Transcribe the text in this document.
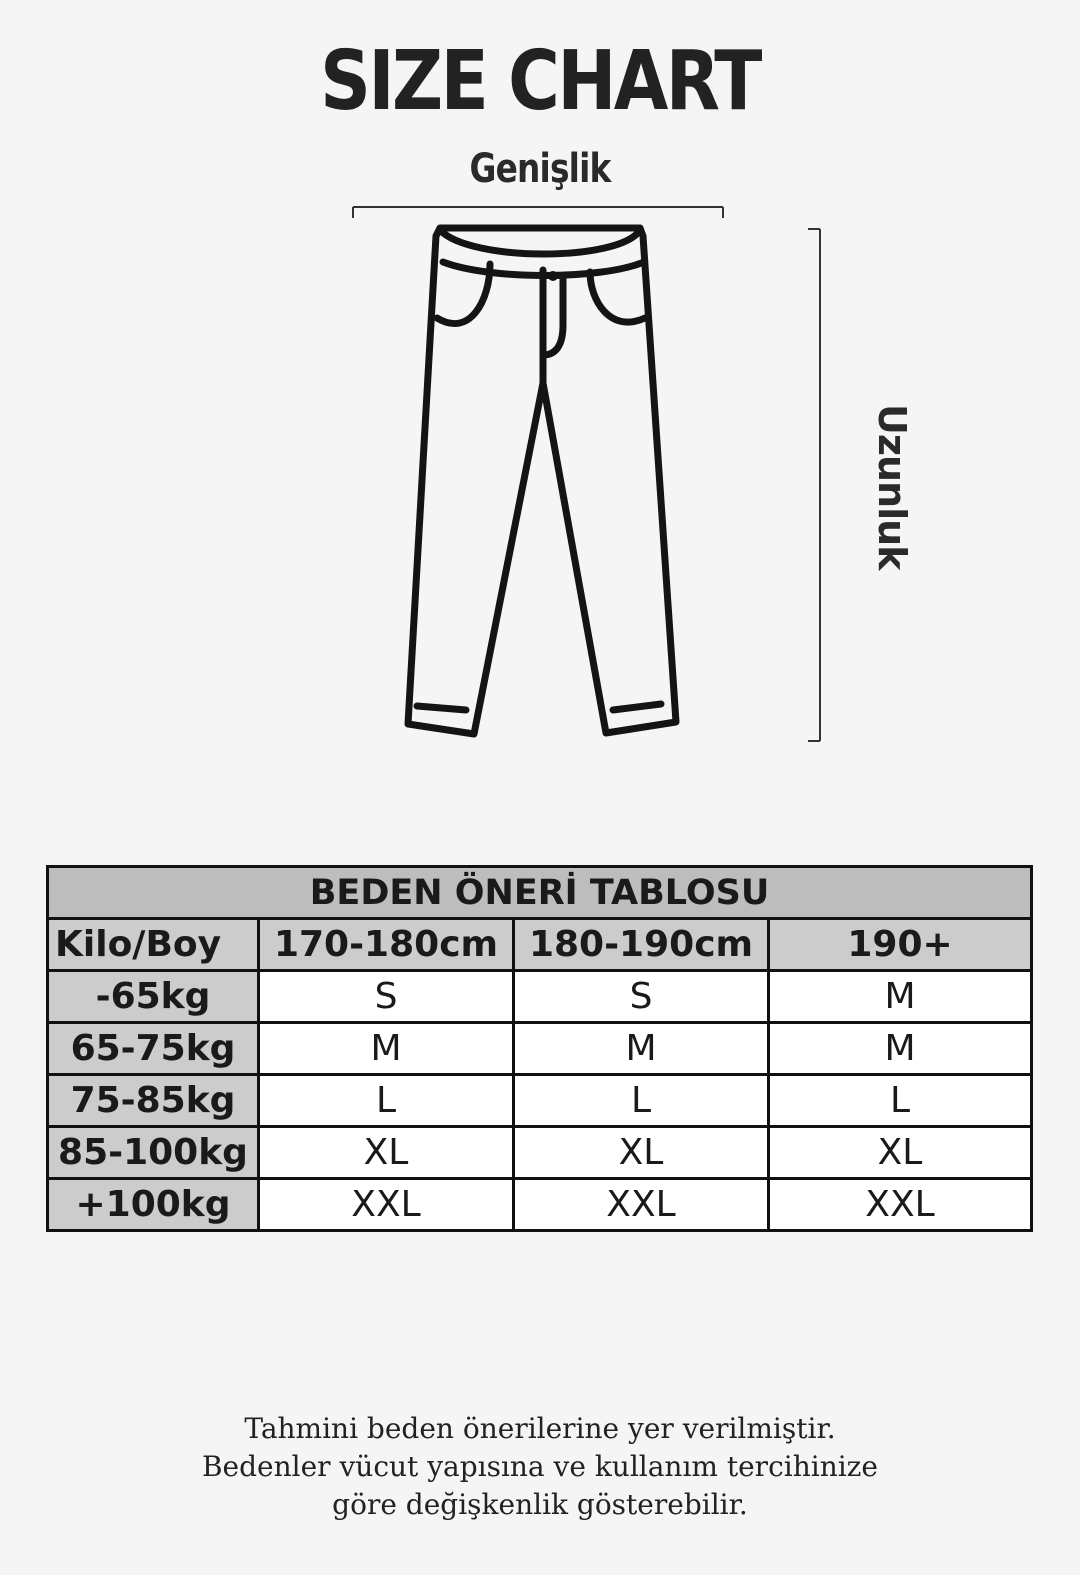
SIZE CHART
Genişlik
Uzunluk
BEDEN ÖNERİ TABLOSU			
Kilo/Boy	170-180cm	180-190cm	190+
-65kg	S	S	M
65-75kg	M	M	M
75-85kg	L	L	L
85-100kg	XL	XL	XL
+100kg	XXL	XXL	XXL
Tahmini beden önerilerine yer verilmiştir.
Bedenler vücut yapısına ve kullanım tercihinize
göre değişkenlik gösterebilir.
